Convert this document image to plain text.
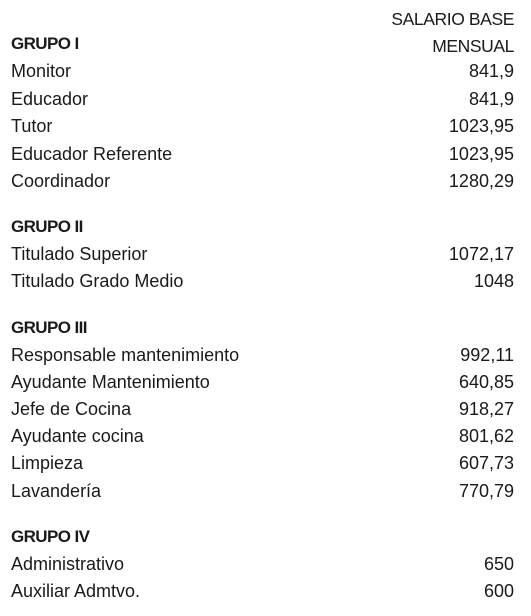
SALARIO BASE
MENSUAL
GRUPO I
Monitor	841,9
Educador	841,9
Tutor	1023,95
Educador Referente	1023,95
Coordinador	1280,29
GRUPO II
Titulado Superior	1072,17
Titulado Grado Medio	1048
GRUPO III
Responsable mantenimiento	992,11
Ayudante Mantenimiento	640,85
Jefe de Cocina	918,27
Ayudante cocina	801,62
Limpieza	607,73
Lavandería	770,79
GRUPO IV
Administrativo	650
Auxiliar Admtvo.	600
